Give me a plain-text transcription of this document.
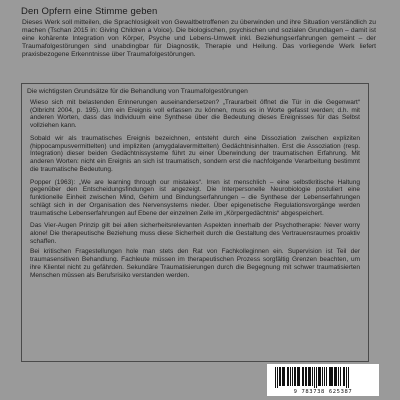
Den Opfern eine Stimme geben
Dieses Werk soll mitteilen, die Sprachlosigkeit von Gewaltbetroffenen zu überwinden und ihre Situation verständlich zu machen (Tschan 2015 in: Giving Children a Voice). Die biologischen, psychischen und sozialen Grundlagen – damit ist eine kohärente Integration von Körper, Psyche und Lebens-Umwelt inkl. Beziehungserfahrungen gemeint – der Traumafolgestörungen sind unabdingbar für Diagnostik, Therapie und Heilung. Das vorliegende Werk liefert praxisbezogene Erkenntnisse über Traumafolgestörungen.
Die wichtigsten Grundsätze für die Behandlung von Traumafolgestörungen

Wieso sich mit belastenden Erinnerungen auseinandersetzen? „Traurarbeit öffnet die Tür in die Gegenwart“ (Olbricht 2004, p. 195). Um ein Ereignis voll erfassen zu können, muss es in Worte gefasst werden; d.h. mit anderen Worten, dass das Individuum eine Synthese über die Bedeutung dieses Ereignisses für das Selbst vollziehen kann.

Sobald wir als traumatisches Ereignis bezeichnen, entsteht durch eine Dissoziation zwischen expliziten (hippocampusvermittelten) und impliziten (amygdalavermittelten) Gedächtnisinhalten. Erst die Assoziation (resp. Integration) dieser beiden Gedächtnissysteme führt zu einer Überwindung der traumatischen Erfahrung. Mit anderen Worten: nicht ein Ereignis an sich ist traumatisch, sondern erst die nachfolgende Verarbeitung bestimmt die traumatische Bedeutung.

Popper (1963): „We are learning through our mistakes“. Irren ist menschlich – eine selbstkritische Haltung gegenüber den Entscheidungsfindungen ist angezeigt. Die Interpersonelle Neurobiologie postuliert eine funktionelle Einheit zwischen Mind, Gehirn und Bindungserfahrungen – die Synthese der Lebenserfahrungen schlägt sich in der Organisation des Nervensystems nieder. Über epigenetische Regulationsvorgänge werden traumatische Lebenserfahrungen auf Ebene der einzelnen Zelle im „Körpergedächtnis“ abgespeichert.

Das Vier-Augen Prinzip gilt bei allen sicherheitsrelevanten Aspekten innerhalb der Psychotherapie: Never worry alone! Die therapeutische Beziehung muss diese Sicherheit durch die Gestaltung des Vertrauensraumes proaktiv schaffen.

Bei kritischen Fragestellungen hole man stets den Rat von Fachkolleginnen ein. Supervision ist Teil der traumasensitiven Behandlung. Fachleute müssen im therapeutischen Prozess sorgfältig Grenzen beachten, um ihre Klientel nicht zu gefährden. Sekundäre Traumatisierungen durch die Begegnung mit schwer traumatisierten Menschen müssen als Berufsrisiko verstanden werden.

9 783738 625387
